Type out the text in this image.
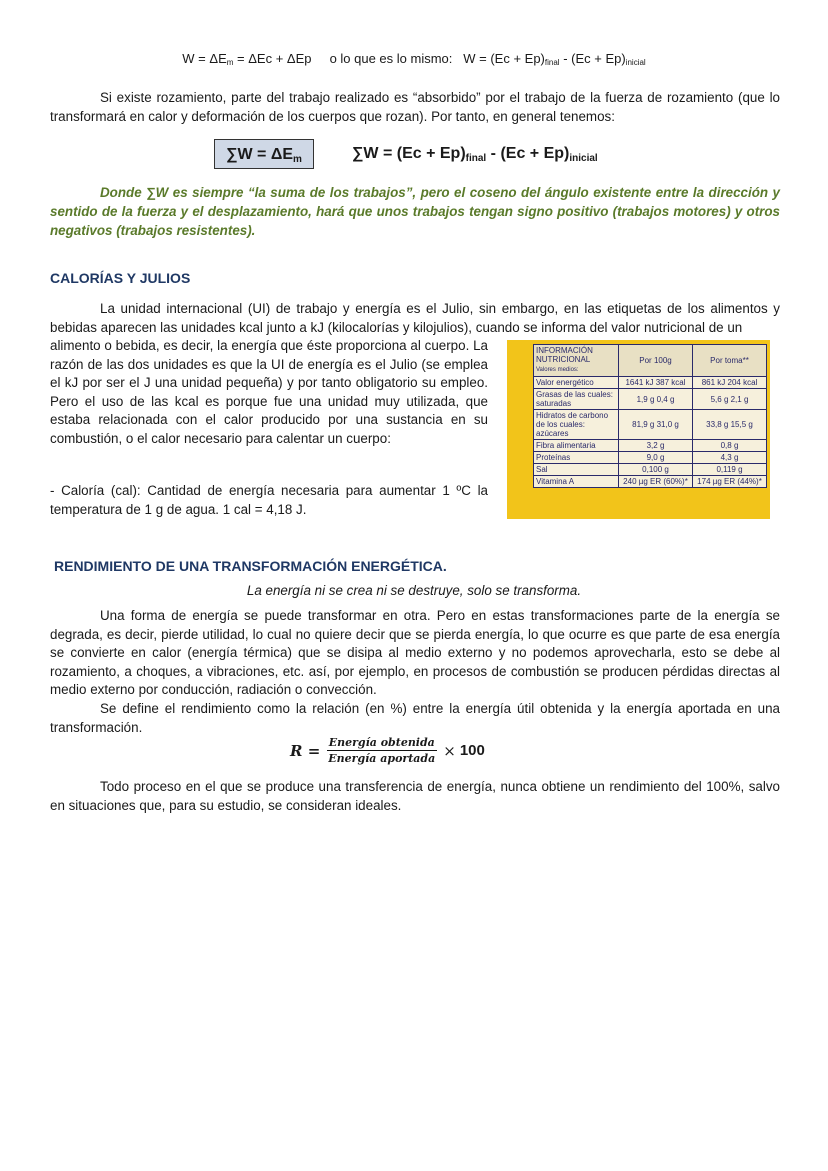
$W = \Delta E_m = \Delta Ec + \Delta Ep$ o lo que es lo mismo: $W = (Ec + Ep)_{final} - (Ec + Ep)_{inicial}$
Si existe rozamiento, parte del trabajo realizado es “absorbido” por el trabajo de la fuerza de rozamiento (que lo transformará en calor y deformación de los cuerpos que rozan). Por tanto, en general tenemos:
$\sum W = \Delta E_m$	$\sum W = (Ec + Ep)_{final} - (Ec + Ep)_{inicial}$
Donde ∑W es siempre “la suma de los trabajos”, pero el coseno del ángulo existente entre la dirección y sentido de la fuerza y el desplazamiento, hará que unos trabajos tengan signo positivo (trabajos motores) y otros negativos (trabajos resistentes).
CALORÍAS Y JULIOS
La unidad internacional (UI) de trabajo y energía es el Julio, sin embargo, en las etiquetas de los alimentos y bebidas aparecen las unidades kcal junto a kJ (kilocalorías y kilojulios), cuando se informa del valor nutricional de un
alimento o bebida, es decir, la energía que éste proporciona al cuerpo. La razón de las dos unidades es que la UI de energía es el Julio (se emplea el kJ por ser el J una unidad pequeña) y por tanto obligatorio su empleo. Pero el uso de las kcal es porque fue una unidad muy utilizada, que estaba relacionada con el calor producido por una sustancia en su combustión, o el calor necesario para calentar un cuerpo:
- Caloría (cal): Cantidad de energía necesaria para aumentar 1 ºC la temperatura de 1 g de agua. 1 cal = 4,18 J.
INFORMACIÓN NUTRICIONAL
Valores medios:	Por 100g	Por toma**
Valor energético	1641 kJ 387 kcal	861 kJ 204 kcal
Grasas de las cuales: saturadas	1,9 g 0,4 g	5,6 g 2,1 g
Hidratos de carbono de los cuales: azúcares	81,9 g 31,0 g	33,8 g 15,5 g
Fibra alimentaria	3,2 g	0,8 g
Proteínas	9,0 g	4,3 g
Sal	0,100 g	0,119 g
Vitamina A	240 µg ER (60%)*	174 µg ER (44%)*
RENDIMIENTO DE UNA TRANSFORMACIÓN ENERGÉTICA.
La energía ni se crea ni se destruye, solo se transforma.
Una forma de energía se puede transformar en otra. Pero en estas transformaciones parte de la energía se degrada, es decir, pierde utilidad, lo cual no quiere decir que se pierda energía, lo que ocurre es que parte de esa energía se convierte en calor (energía térmica) que se disipa al medio externo y no podemos aprovecharla, esto se debe al rozamiento, a choques, a vibraciones, etc. así, por ejemplo, en procesos de combustión se producen pérdidas directas al medio externo por conducción, radiación o convección.
Se define el rendimiento como la relación (en %) entre la energía útil obtenida y la energía aportada en una transformación.
$R = \frac{\text{Energía obtenida}}{\text{Energía aportada}} \times 100$
Todo proceso en el que se produce una transferencia de energía, nunca obtiene un rendimiento del 100%, salvo en situaciones que, para su estudio, se consideran ideales.
